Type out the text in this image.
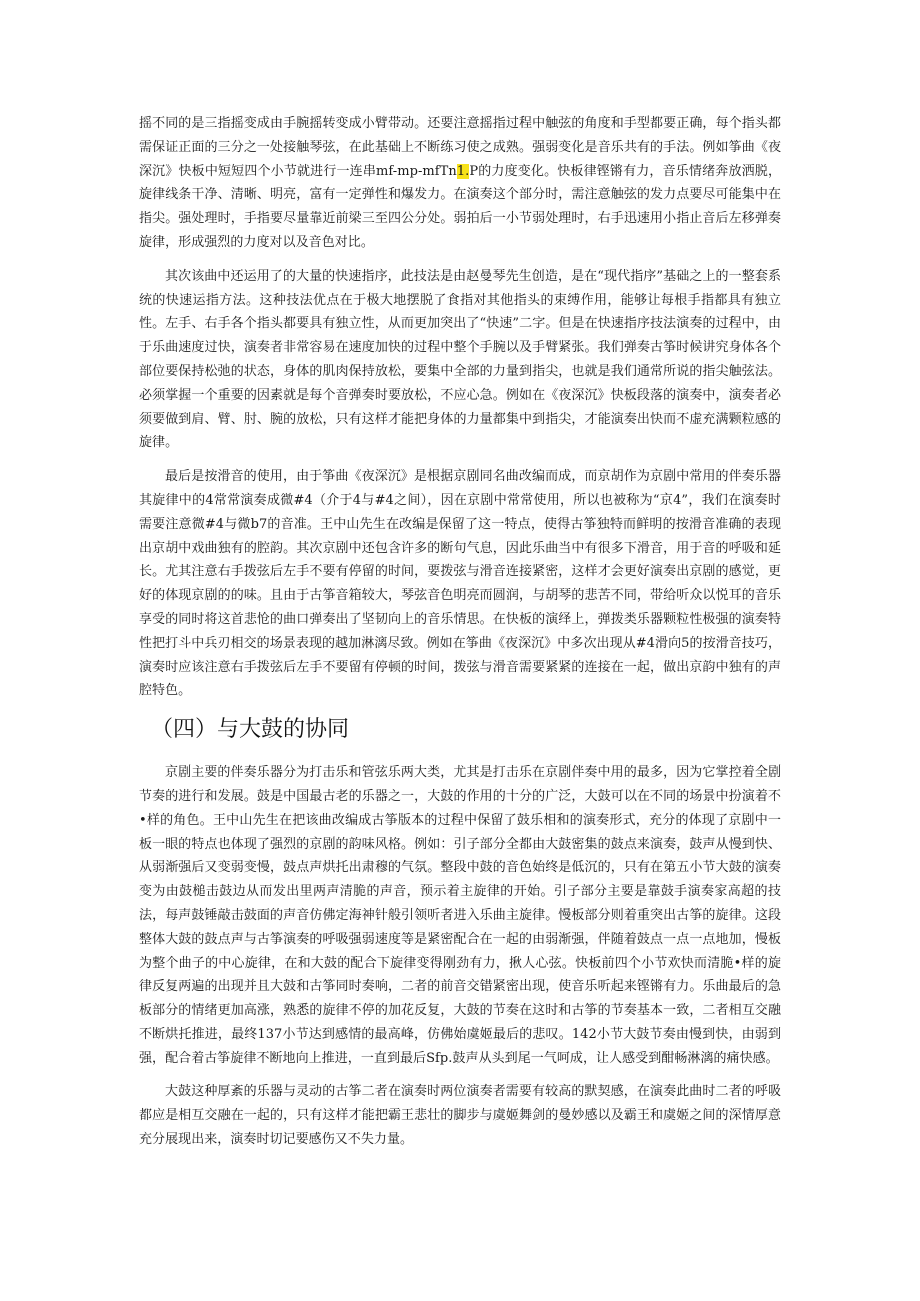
摇不同的是三指摇变成由手腕摇转变成小臂带动。还要注意摇指过程中触弦的角度和手型都要正确，每个指头都需保证正面的三分之一处接触琴弦，在此基础上不断练习使之成熟。强弱变化是音乐共有的手法。例如筝曲《夜深沉》快板中短短四个小节就进行一连串mf-mp-mfTn1.P的力度变化。快板律铿锵有力，音乐情绪奔放洒脱，旋律线条干净、清晰、明亮，富有一定弹性和爆发力。在演奏这个部分时，需注意触弦的发力点要尽可能集中在指尖。强处理时，手指要尽量靠近前梁三至四公分处。弱拍后一小节弱处理时，右手迅速用小指止音后左移弹奏旋律，形成强烈的力度对以及音色对比。

其次该曲中还运用了的大量的快速指序，此技法是由赵曼琴先生创造，是在“现代指序”基础之上的一整套系统的快速运指方法。这种技法优点在于极大地摆脱了食指对其他指头的束缚作用，能够让每根手指都具有独立性。左手、右手各个指头都要具有独立性，从而更加突出了“快速”二字。但是在快速指序技法演奏的过程中，由于乐曲速度过快，演奏者非常容易在速度加快的过程中整个手腕以及手臂紧张。我们弹奏古筝时候讲究身体各个部位要保持松弛的状态，身体的肌肉保持放松，要集中全部的力量到指尖，也就是我们通常所说的指尖触弦法。必须掌握一个重要的因素就是每个音弹奏时要放松，不应心急。例如在《夜深沉》快板段落的演奏中，演奏者必须要做到肩、臂、肘、腕的放松，只有这样才能把身体的力量都集中到指尖，才能演奏出快而不虚充满颗粒感的旋律。

最后是按滑音的使用，由于筝曲《夜深沉》是根据京剧同名曲改编而成，而京胡作为京剧中常用的伴奏乐器其旋律中的4常常演奏成微#4（介于4与#4之间），因在京剧中常常使用，所以也被称为“京4”，我们在演奏时需要注意微#4与微b7的音准。王中山先生在改编是保留了这一特点，使得古筝独特而鲜明的按滑音准确的表现出京胡中戏曲独有的腔韵。其次京剧中还包含许多的断句气息，因此乐曲当中有很多下滑音，用于音的呼吸和延长。尤其注意右手拨弦后左手不要有停留的时间，要拨弦与滑音连接紧密，这样才会更好演奏出京剧的感觉，更好的体现京剧的的味。且由于古筝音箱较大，琴弦音色明亮而圆润，与胡琴的悲苦不同，带给听众以悦耳的音乐享受的同时将这首悲怆的曲口弹奏出了坚韧向上的音乐情思。在快板的演绎上，弹拨类乐器颗粒性极强的演奏特性把打斗中兵刃相交的场景表现的越加淋漓尽致。例如在筝曲《夜深沉》中多次出现从#4滑向5的按滑音技巧，演奏时应该注意右手拨弦后左手不要留有停顿的时间，拨弦与滑音需要紧紧的连接在一起，做出京韵中独有的声腔特色。

（四）与大鼓的协同

京剧主要的伴奏乐器分为打击乐和管弦乐两大类，尤其是打击乐在京剧伴奏中用的最多，因为它掌控着全剧节奏的进行和发展。鼓是中国最古老的乐器之一，大鼓的作用的十分的广泛，大鼓可以在不同的场景中扮演着不•样的角色。王中山先生在把该曲改编成古筝版本的过程中保留了鼓乐相和的演奏形式，充分的体现了京剧中一板一眼的特点也体现了强烈的京剧的韵味风格。例如：引子部分全都由大鼓密集的鼓点来演奏，鼓声从慢到快、从弱渐强后又变弱变慢，鼓点声烘托出肃穆的气氛。整段中鼓的音色始终是低沉的，只有在第五小节大鼓的演奏变为由鼓槌击鼓边从而发出里两声清脆的声音，预示着主旋律的开始。引子部分主要是靠鼓手演奏家高超的技法，每声鼓锤敲击鼓面的声音仿佛定海神针般引领听者进入乐曲主旋律。慢板部分则着重突出古筝的旋律。这段整体大鼓的鼓点声与古筝演奏的呼吸强弱速度等是紧密配合在一起的由弱渐强，伴随着鼓点一点一点地加，慢板为整个曲子的中心旋律，在和大鼓的配合下旋律变得刚劲有力，揪人心弦。快板前四个小节欢快而清脆•样的旋律反复两遍的出现并且大鼓和古筝同时奏响，二者的前音交错紧密出现，使音乐听起来铿锵有力。乐曲最后的急板部分的情绪更加高涨，熟悉的旋律不停的加花反复，大鼓的节奏在这时和古筝的节奏基本一致，二者相互交融不断烘托推进，最终137小节达到感情的最高峰，仿佛始虞姬最后的悲叹。142小节大鼓节奏由慢到快，由弱到强，配合着古筝旋律不断地向上推进，一直到最后Sfp.鼓声从头到尾一气呵成，让人感受到酣畅淋漓的痛快感。

大鼓这种厚紊的乐器与灵动的古筝二者在演奏时两位演奏者需要有较高的默契感，在演奏此曲时二者的呼吸都应是相互交融在一起的，只有这样才能把霸王悲壮的脚步与虞姬舞剑的曼妙感以及霸王和虞姬之间的深情厚意充分展现出来，演奏时切记要感伤又不失力量。
